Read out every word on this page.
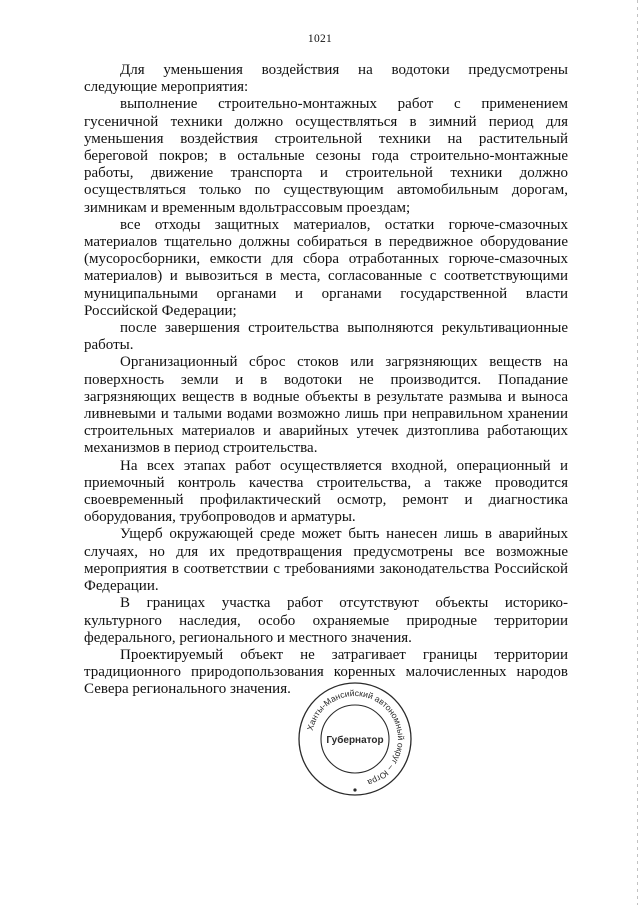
1021

Для уменьшения воздействия на водотоки предусмотрены следующие мероприятия:

выполнение строительно-монтажных работ с применением гусеничной техники должно осуществляться в зимний период для уменьшения воздействия строительной техники на растительный береговой покров; в остальные сезоны года строительно-монтажные работы, движение транспорта и строительной техники должно осуществляться только по существующим автомобильным дорогам, зимникам и временным вдольтрассовым проездам;

все отходы защитных материалов, остатки горюче-смазочных материалов тщательно должны собираться в передвижное оборудование (мусоросборники, емкости для сбора отработанных горюче-смазочных материалов) и вывозиться в места, согласованные с соответствующими муниципальными органами и органами государственной власти Российской Федерации;

после завершения строительства выполняются рекультивационные работы.

Организационный сброс стоков или загрязняющих веществ на поверхность земли и в водотоки не производится. Попадание загрязняющих веществ в водные объекты в результате размыва и выноса ливневыми и талыми водами возможно лишь при неправильном хранении строительных материалов и аварийных утечек дизтоплива работающих механизмов в период строительства.

На всех этапах работ осуществляется входной, операционный и приемочный контроль качества строительства, а также проводится своевременный профилактический осмотр, ремонт и диагностика оборудования, трубопроводов и арматуры.

Ущерб окружающей среде может быть нанесен лишь в аварийных случаях, но для их предотвращения предусмотрены все возможные мероприятия в соответствии с требованиями законодательства Российской Федерации.

В границах участка работ отсутствуют объекты историко-культурного наследия, особо охраняемые природные территории федерального, регионального и местного значения.

Проектируемый объект не затрагивает границы территории традиционного природопользования коренных малочисленных народов Севера регионального значения.

Ханты-Мансийский автономный округ – Югра
Губернатор
